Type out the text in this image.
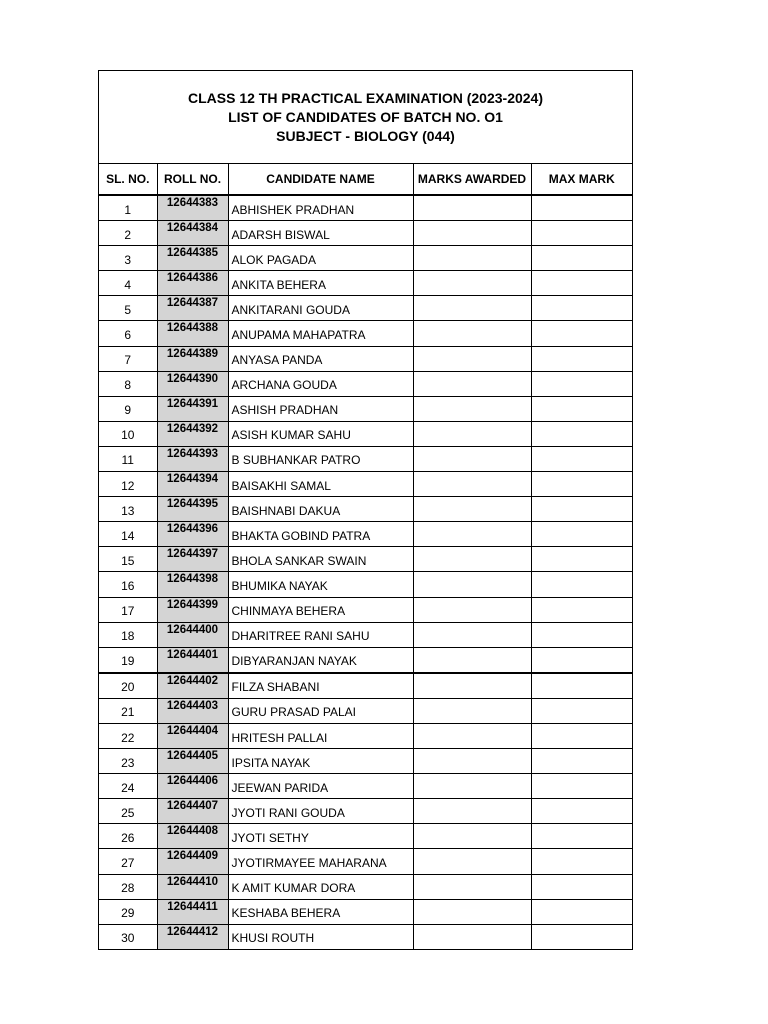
CLASS 12 TH PRACTICAL EXAMINATION (2023-2024)
LIST OF CANDIDATES OF BATCH NO. O1
SUBJECT - BIOLOGY (044)
SL. NO.	ROLL NO.	CANDIDATE NAME	MARKS AWARDED	MAX MARK

1	12644383	ABHISHEK PRADHAN		
2	12644384	ADARSH BISWAL		
3	12644385	ALOK PAGADA		
4	12644386	ANKITA BEHERA		
5	12644387	ANKITARANI GOUDA		
6	12644388	ANUPAMA MAHAPATRA		
7	12644389	ANYASA PANDA		
8	12644390	ARCHANA GOUDA		
9	12644391	ASHISH PRADHAN		
10	12644392	ASISH KUMAR SAHU		
11	12644393	B SUBHANKAR PATRO		
12	12644394	BAISAKHI SAMAL		
13	12644395	BAISHNABI DAKUA		
14	12644396	BHAKTA GOBIND PATRA		
15	12644397	BHOLA SANKAR SWAIN		
16	12644398	BHUMIKA NAYAK		
17	12644399	CHINMAYA BEHERA		
18	12644400	DHARITREE RANI SAHU		
19	12644401	DIBYARANJAN NAYAK		
20	12644402	FILZA SHABANI		
21	12644403	GURU PRASAD PALAI		
22	12644404	HRITESH PALLAI		
23	12644405	IPSITA NAYAK		
24	12644406	JEEWAN PARIDA		
25	12644407	JYOTI RANI GOUDA		
26	12644408	JYOTI SETHY		
27	12644409	JYOTIRMAYEE MAHARANA		
28	12644410	K AMIT KUMAR DORA		
29	12644411	KESHABA BEHERA		
30	12644412	KHUSI ROUTH		
